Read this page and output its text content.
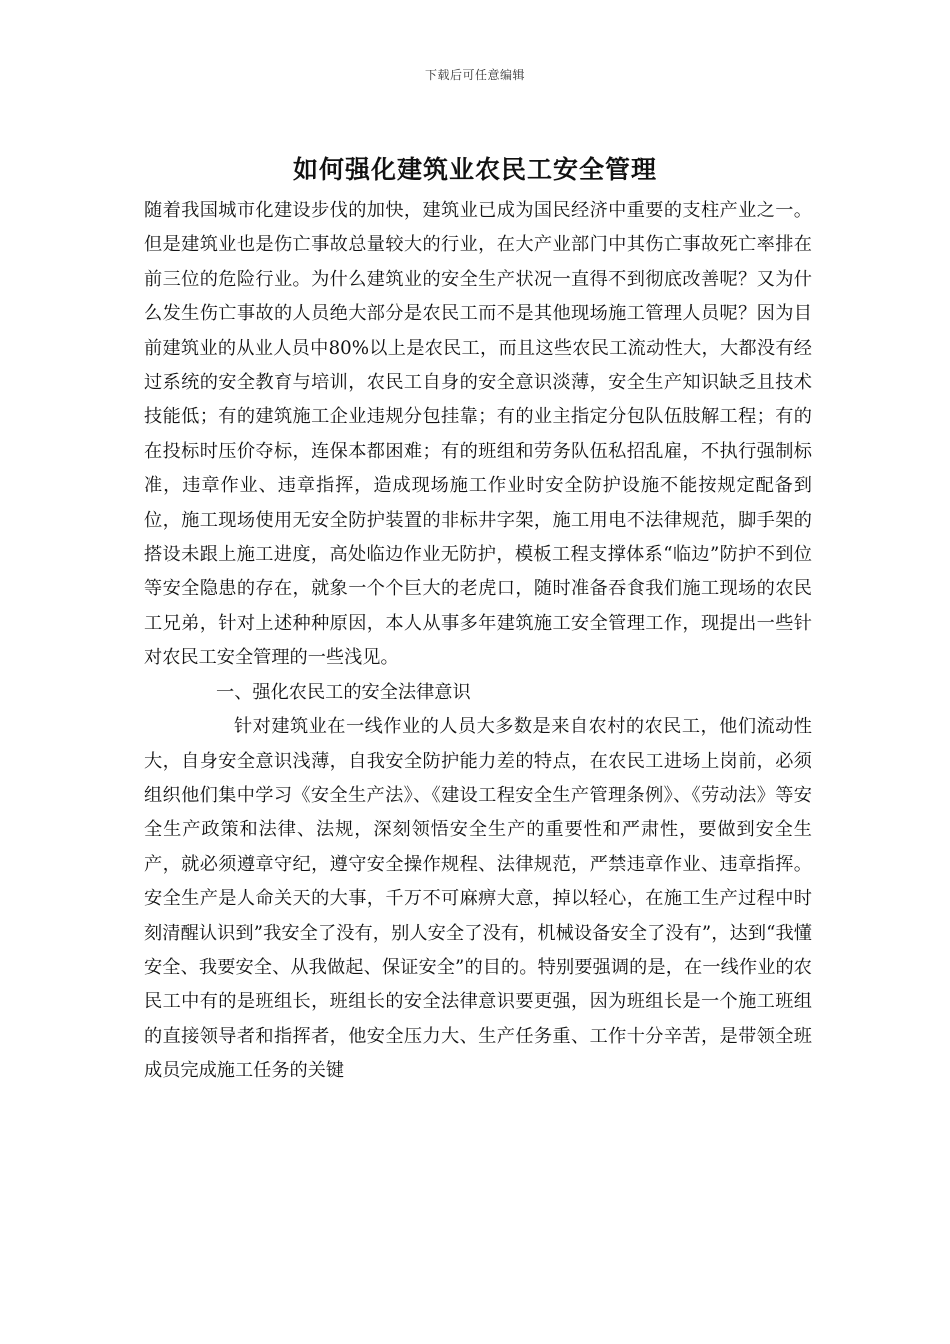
下载后可任意编辑
如何强化建筑业农民工安全管理

随着我国城市化建设步伐的加快，建筑业已成为国民经济中重要的支柱产业之一。但是建筑业也是伤亡事故总量较大的行业，在大产业部门中其伤亡事故死亡率排在前三位的危险行业。为什么建筑业的安全生产状况一直得不到彻底改善呢？又为什么发生伤亡事故的人员绝大部分是农民工而不是其他现场施工管理人员呢？因为目前建筑业的从业人员中80%以上是农民工，而且这些农民工流动性大，大都没有经过系统的安全教育与培训，农民工自身的安全意识淡薄，安全生产知识缺乏且技术技能低；有的建筑施工企业违规分包挂靠；有的业主指定分包队伍肢解工程；有的在投标时压价夺标，连保本都困难；有的班组和劳务队伍私招乱雇，不执行强制标准，违章作业、违章指挥，造成现场施工作业时安全防护设施不能按规定配备到位，施工现场使用无安全防护装置的非标井字架，施工用电不法律规范，脚手架的搭设未跟上施工进度，高处临边作业无防护，模板工程支撑体系“临边”防护不到位等安全隐患的存在，就象一个个巨大的老虎口，随时准备吞食我们施工现场的农民工兄弟，针对上述种种原因，本人从事多年建筑施工安全管理工作，现提出一些针对农民工安全管理的一些浅见。

一、强化农民工的安全法律意识

针对建筑业在一线作业的人员大多数是来自农村的农民工，他们流动性大，自身安全意识浅薄，自我安全防护能力差的特点，在农民工进场上岗前，必须组织他们集中学习《安全生产法》、《建设工程安全生产管理条例》、《劳动法》等安全生产政策和法律、法规，深刻领悟安全生产的重要性和严肃性，要做到安全生产，就必须遵章守纪，遵守安全操作规程、法律规范，严禁违章作业、违章指挥。安全生产是人命关天的大事，千万不可麻痹大意，掉以轻心，在施工生产过程中时刻清醒认识到”我安全了没有，别人安全了没有，机械设备安全了没有”，达到“我懂安全、我要安全、从我做起、保证安全”的目的。特别要强调的是，在一线作业的农民工中有的是班组长，班组长的安全法律意识要更强，因为班组长是一个施工班组的直接领导者和指挥者，他安全压力大、生产任务重、工作十分辛苦，是带领全班成员完成施工任务的关键
